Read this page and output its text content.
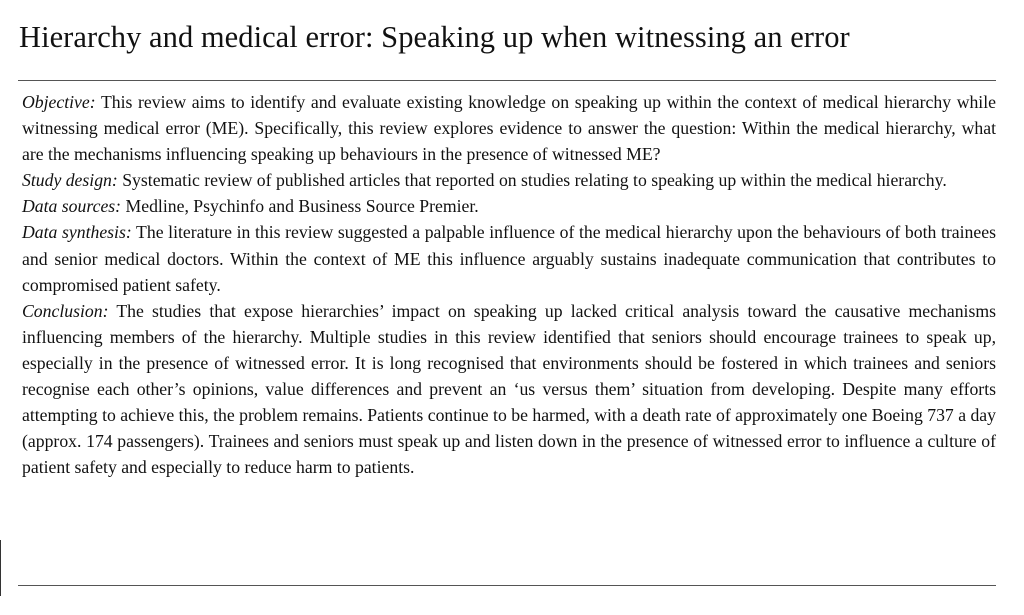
Hierarchy and medical error: Speaking up when witnessing an error

Objective: This review aims to identify and evaluate existing knowledge on speaking up within the context of medical hierarchy while witnessing medical error (ME). Specifically, this review explores evidence to answer the question: Within the medical hierarchy, what are the mechanisms influencing speaking up behaviours in the presence of witnessed ME?

Study design: Systematic review of published articles that reported on studies relating to speaking up within the medical hierarchy.

Data sources: Medline, Psychinfo and Business Source Premier.

Data synthesis: The literature in this review suggested a palpable influence of the medical hierarchy upon the behaviours of both trainees and senior medical doctors. Within the context of ME this influence arguably sustains inadequate communication that contributes to compromised patient safety.

Conclusion: The studies that expose hierarchies’ impact on speaking up lacked critical analysis toward the causative mechanisms influencing members of the hierarchy. Multiple studies in this review identified that seniors should encourage trainees to speak up, especially in the presence of witnessed error. It is long recognised that environments should be fostered in which trainees and seniors recognise each other’s opinions, value differences and prevent an ‘us versus them’ situation from developing. Despite many efforts attempting to achieve this, the problem remains. Patients continue to be harmed, with a death rate of approximately one Boeing 737 a day (approx. 174 passengers). Trainees and seniors must speak up and listen down in the presence of witnessed error to influence a culture of patient safety and especially to reduce harm to patients.
